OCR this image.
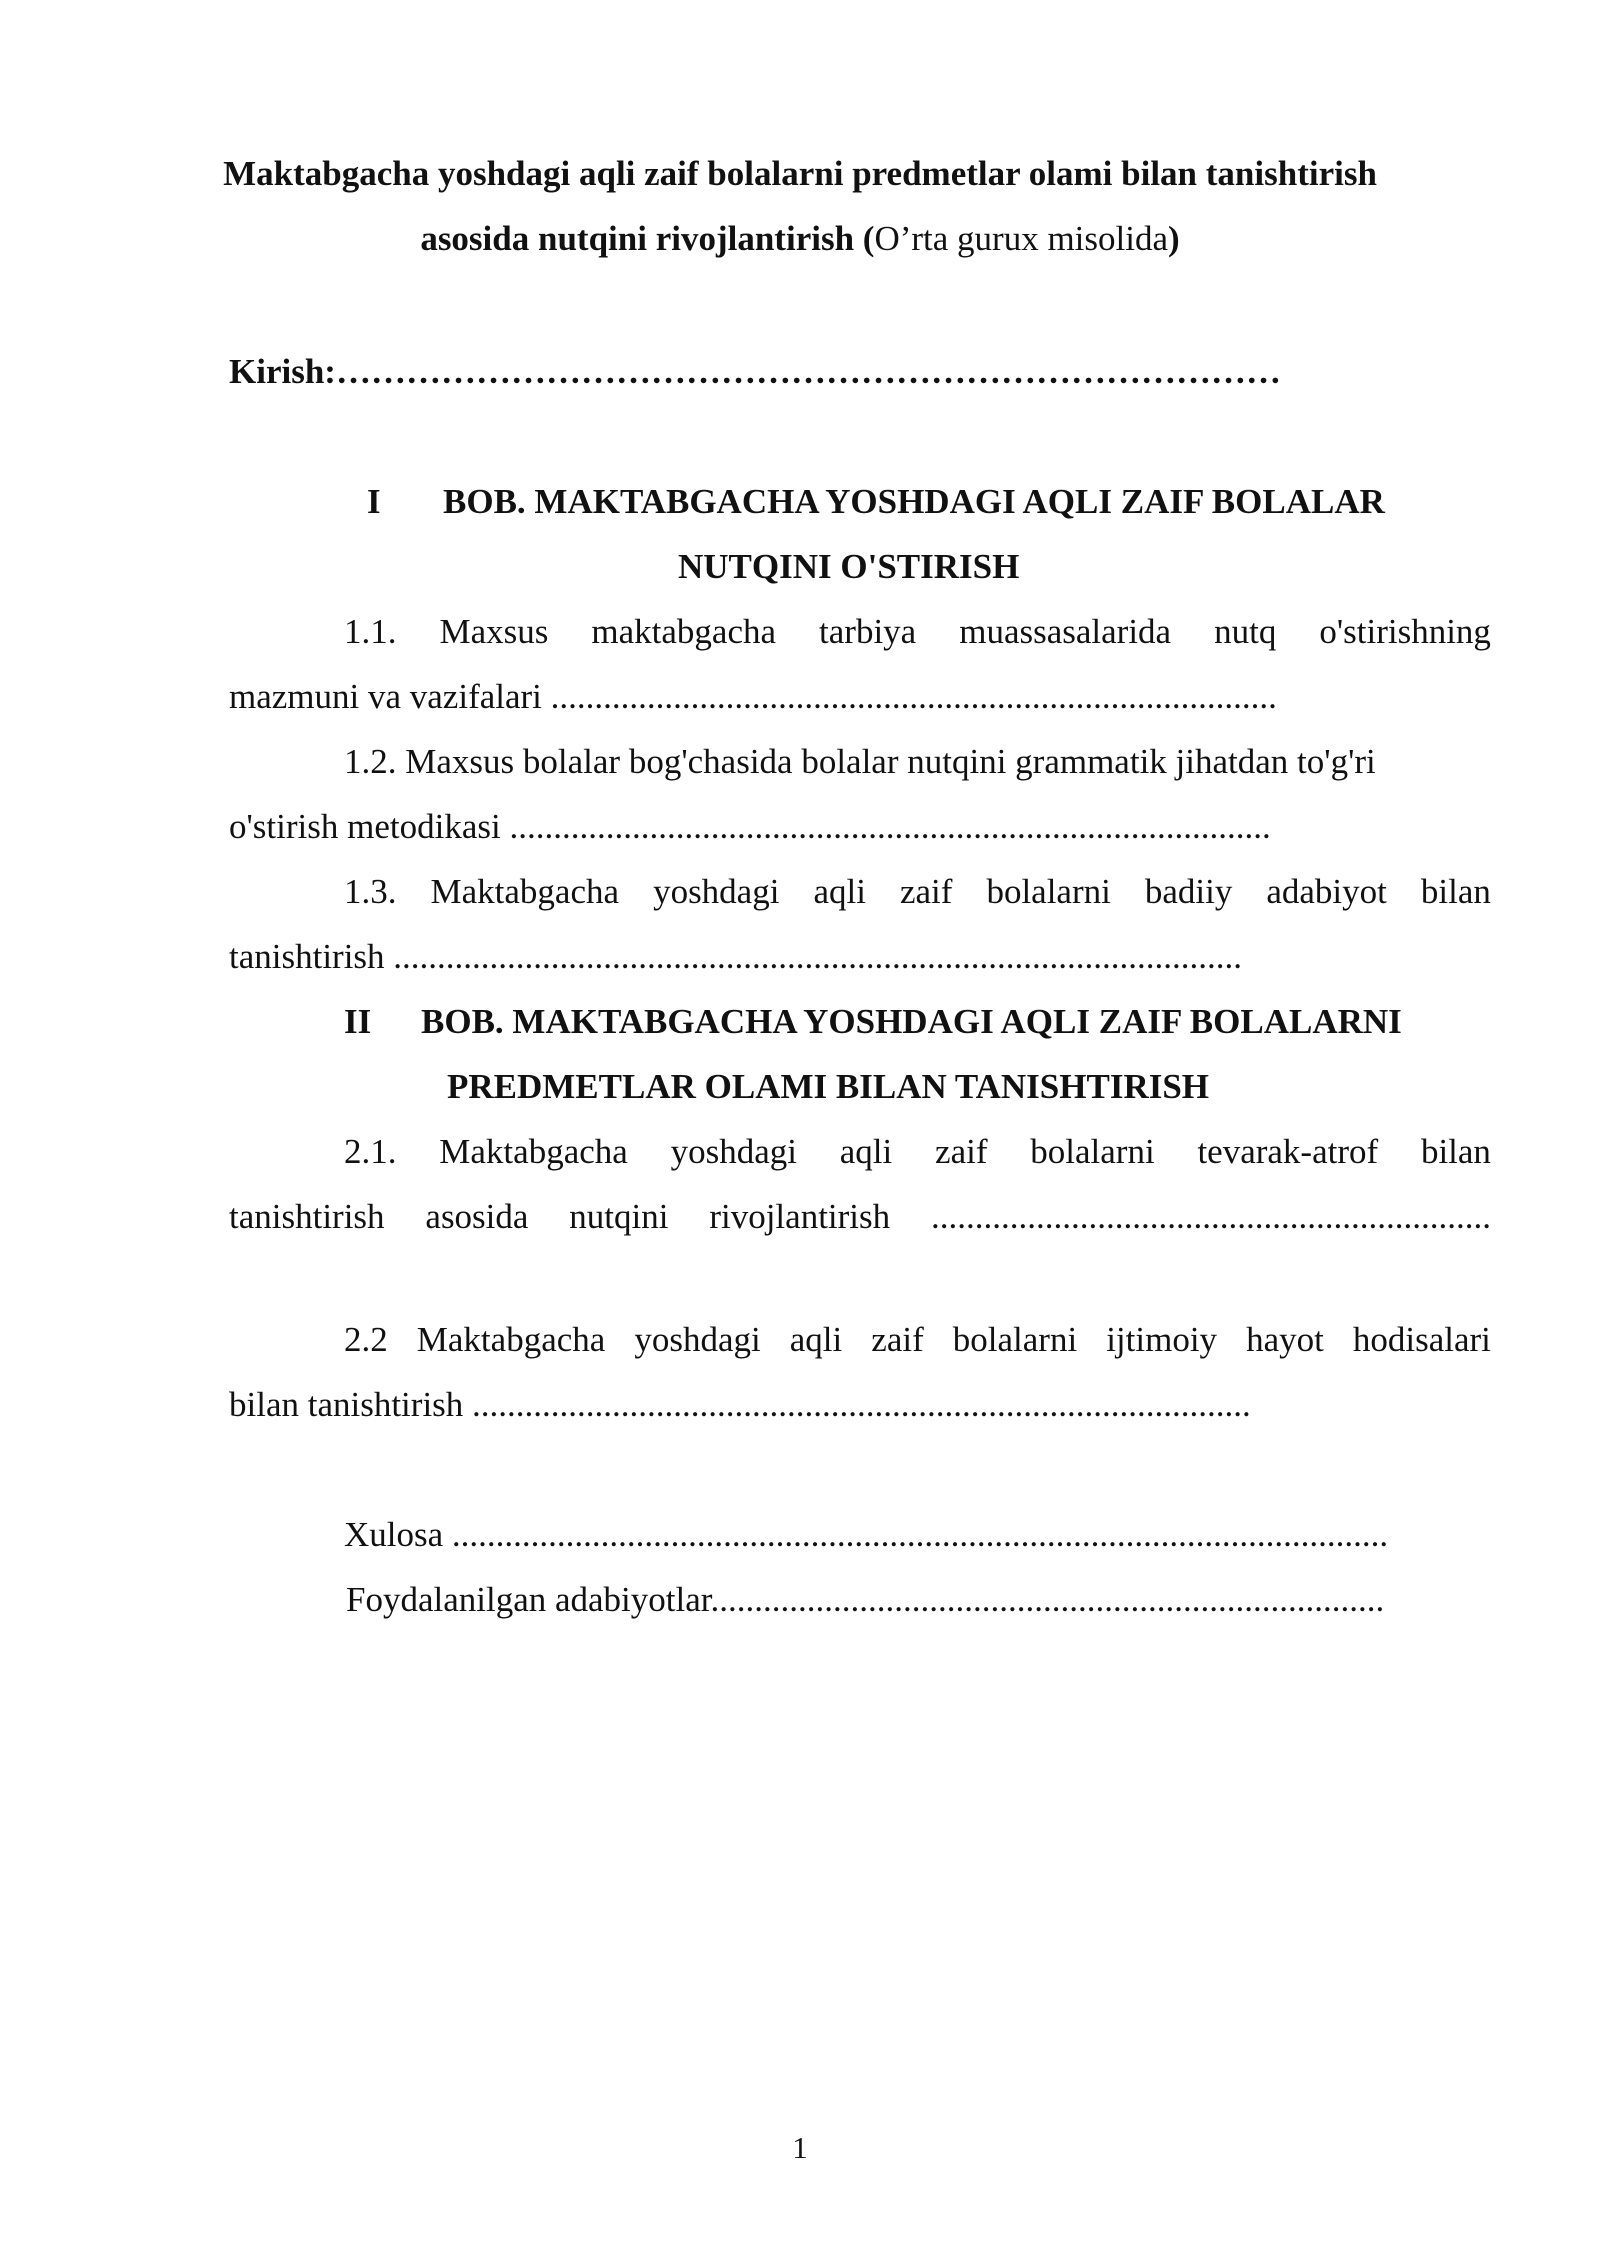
Maktabgacha yoshdagi aqli zaif bolalarni predmetlar olami bilan tanishtirish
asosida nutqini rivojlantirish (O’rta gurux misolida)
Kirish:………………………………………………………………………
I BOB. MAKTABGACHA YOSHDAGI AQLI ZAIF BOLALAR
NUTQINI O'STIRISH
1.1. Maxsus maktabgacha tarbiya muassasalarida nutq o'stirishning
mazmuni va vazifalari ...................................................................................
1.2. Maxsus bolalar bog'chasida bolalar nutqini grammatik jihatdan to'g'ri
o'stirish metodikasi .......................................................................................
1.3. Maktabgacha yoshdagi aqli zaif bolalarni badiiy adabiyot bilan
tanishtirish .................................................................................................
II BOB. MAKTABGACHA YOSHDAGI AQLI ZAIF BOLALARNI
PREDMETLAR OLAMI BILAN TANISHTIRISH
2.1. Maktabgacha yoshdagi aqli zaif bolalarni tevarak-atrof bilan
tanishtirish asosida nutqini rivojlantirish ................................................................
2.2 Maktabgacha yoshdagi aqli zaif bolalarni ijtimoiy hayot hodisalari
bilan tanishtirish .........................................................................................
Xulosa ...........................................................................................................
Foydalanilgan adabiyotlar.............................................................................
1
